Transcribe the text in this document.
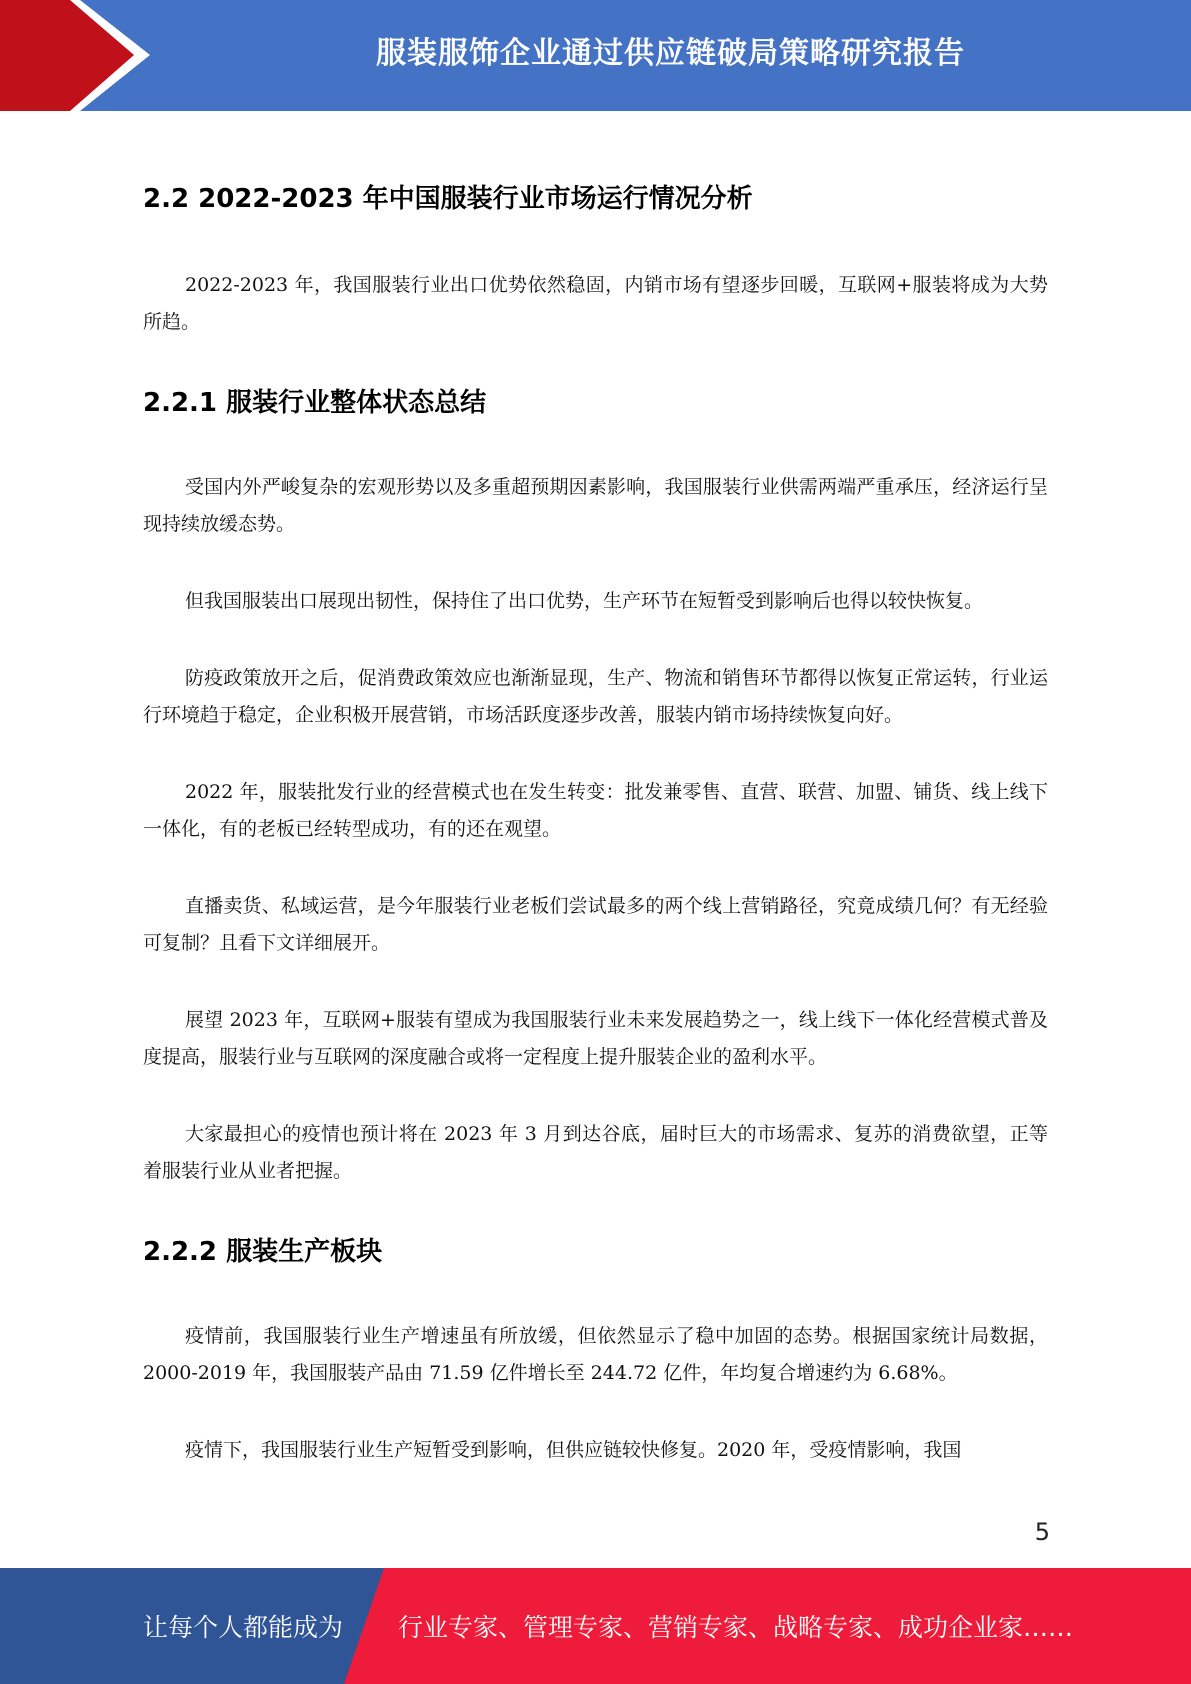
服装服饰企业通过供应链破局策略研究报告
2.2 2022-2023 年中国服装行业市场运行情况分析

2022-2023 年，我国服装行业出口优势依然稳固，内销市场有望逐步回暖，互联网+服装将成为大势所趋。

2.2.1 服装行业整体状态总结

受国内外严峻复杂的宏观形势以及多重超预期因素影响，我国服装行业供需两端严重承压，经济运行呈现持续放缓态势。

但我国服装出口展现出韧性，保持住了出口优势，生产环节在短暂受到影响后也得以较快恢复。

防疫政策放开之后，促消费政策效应也渐渐显现，生产、物流和销售环节都得以恢复正常运转，行业运行环境趋于稳定，企业积极开展营销，市场活跃度逐步改善，服装内销市场持续恢复向好。

2022 年，服装批发行业的经营模式也在发生转变：批发兼零售、直营、联营、加盟、铺货、线上线下一体化，有的老板已经转型成功，有的还在观望。

直播卖货、私域运营，是今年服装行业老板们尝试最多的两个线上营销路径，究竟成绩几何？有无经验可复制？且看下文详细展开。

展望 2023 年，互联网+服装有望成为我国服装行业未来发展趋势之一，线上线下一体化经营模式普及度提高，服装行业与互联网的深度融合或将一定程度上提升服装企业的盈利水平。

大家最担心的疫情也预计将在 2023 年 3 月到达谷底，届时巨大的市场需求、复苏的消费欲望，正等着服装行业从业者把握。

2.2.2 服装生产板块

疫情前，我国服装行业生产增速虽有所放缓，但依然显示了稳中加固的态势。根据国家统计局数据，2000-2019 年，我国服装产品由 71.59 亿件增长至 244.72 亿件，年均复合增速约为 6.68%。

疫情下，我国服装行业生产短暂受到影响，但供应链较快修复。2020 年，受疫情影响，我国

5
让每个人都能成为 行业专家、管理专家、营销专家、战略专家、成功企业家……
